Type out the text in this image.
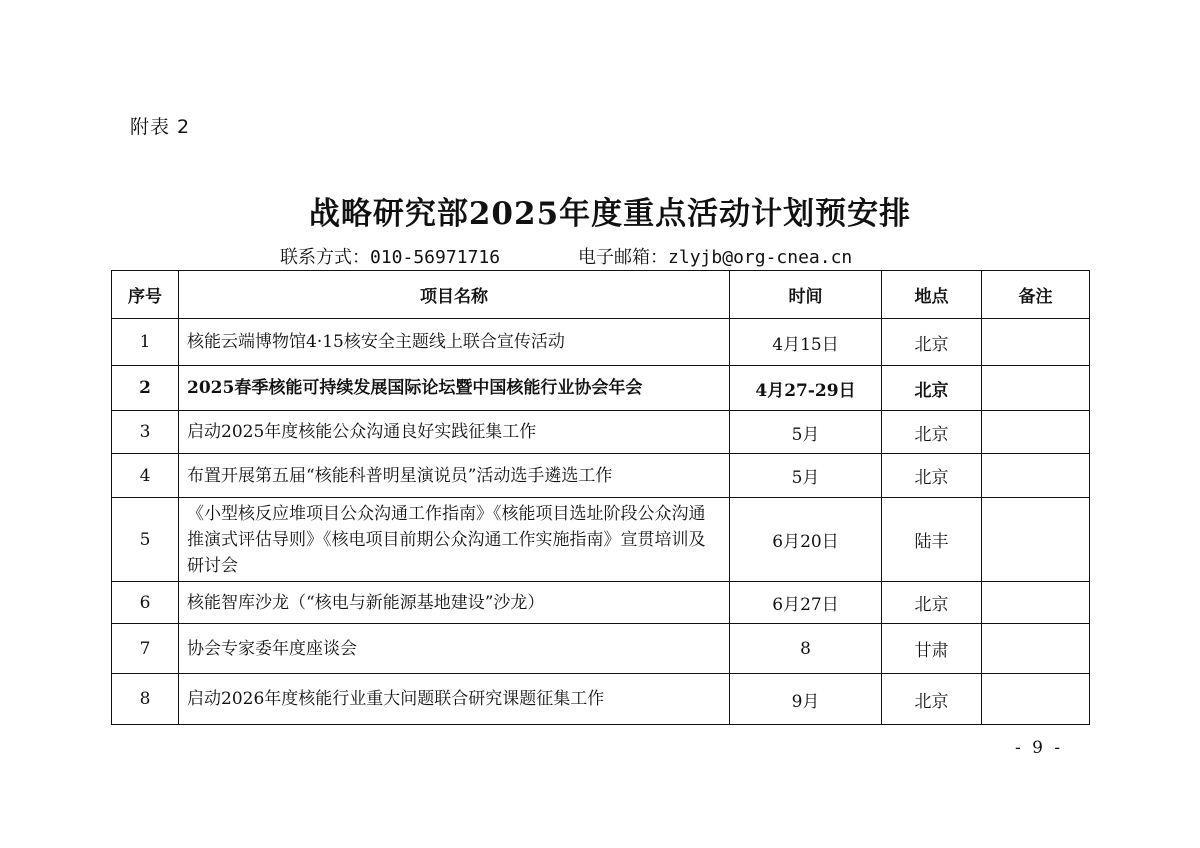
附表 2
战略研究部2025年度重点活动计划预安排
联系方式：010-56971716	电子邮箱：zlyjb@org-cnea.cn
序号	项目名称	时间	地点	备注
1	核能云端博物馆4·15核安全主题线上联合宣传活动	4月15日	北京	
2	2025春季核能可持续发展国际论坛暨中国核能行业协会年会	4月27-29日	北京	
3	启动2025年度核能公众沟通良好实践征集工作	5月	北京	
4	布置开展第五届“核能科普明星演说员”活动选手遴选工作	5月	北京	
5	《小型核反应堆项目公众沟通工作指南》《核能项目选址阶段公众沟通推演式评估导则》《核电项目前期公众沟通工作实施指南》宣贯培训及研讨会	6月20日	陆丰	
6	核能智库沙龙（“核电与新能源基地建设”沙龙）	6月27日	北京	
7	协会专家委年度座谈会	8	甘肃	
8	启动2026年度核能行业重大问题联合研究课题征集工作	9月	北京	
- 9 -
